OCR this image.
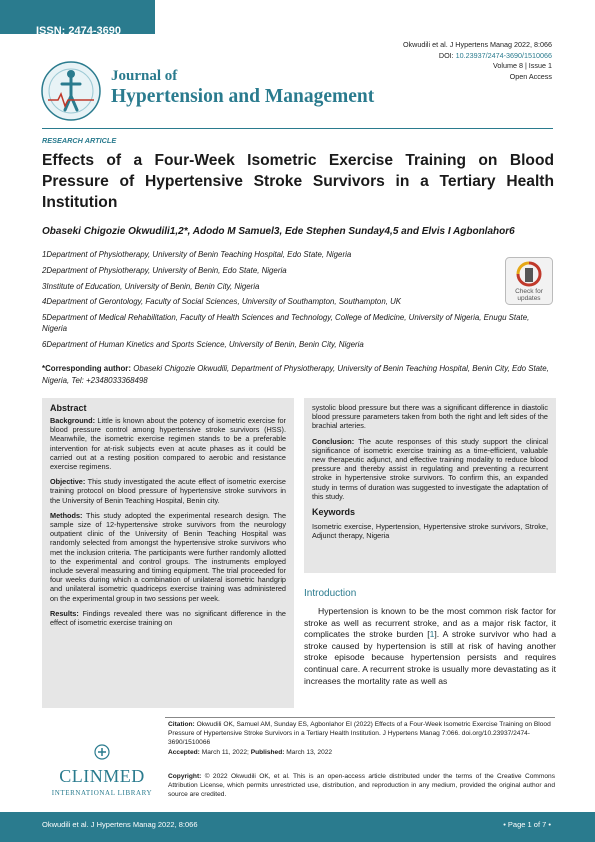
ISSN: 2474-3690
Okwudili et al. J Hypertens Manag 2022, 8:066
DOI: 10.23937/2474-3690/1510066
Volume 8 | Issue 1
Open Access
Journal of
Hypertension and Management
RESEARCH ARTICLE
Effects of a Four-Week Isometric Exercise Training on Blood Pressure of Hypertensive Stroke Survivors in a Tertiary Health Institution
Obaseki Chigozie Okwudili1,2*, Adodo M Samuel3, Ede Stephen Sunday4,5 and Elvis I Agbonlahor6

1Department of Physiotherapy, University of Benin Teaching Hospital, Edo State, Nigeria

2Department of Physiotherapy, University of Benin, Edo State, Nigeria

3Institute of Education, University of Benin, Benin City, Nigeria

4Department of Gerontology, Faculty of Social Sciences, University of Southampton, Southampton, UK

5Department of Medical Rehabilitation, Faculty of Health Sciences and Technology, College of Medicine, University of Nigeria, Enugu State, Nigeria

6Department of Human Kinetics and Sports Science, University of Benin, Benin City, Nigeria

Check for
updates
*Corresponding author: Obaseki Chigozie Okwudili, Department of Physiotherapy, University of Benin Teaching Hospital, Benin City, Edo State, Nigeria, Tel: +2348033368498
Abstract

Background: Little is known about the potency of isometric exercise for blood pressure control among hypertensive stroke survivors (HSS). Meanwhile, the isometric exercise regimen stands to be a preferable intervention for at-risk subjects even at acute phases as it could be carried out at a resting position compared to aerobic and resistance exercise regimens.

Objective: This study investigated the acute effect of isometric exercise training protocol on blood pressure of hypertensive stroke survivors in the University of Benin Teaching Hospital, Benin city.

Methods: This study adopted the experimental research design. The sample size of 12-hypertensive stroke survivors from the neurology outpatient clinic of the University of Benin Teaching Hospital was randomly selected from amongst the hypertensive stroke survivors who met the inclusion criteria. The participants were further randomly allotted to the experimental and control groups. The instruments employed include several measuring and timing equipment. The trial proceeded for four weeks during which a combination of unilateral isometric handgrip and unilateral isometric quadriceps exercise training was administered on the experimental group in two sessions per week.

Results: Findings revealed there was no significant difference in the effect of isometric exercise training on

systolic blood pressure but there was a significant difference in diastolic blood pressure parameters taken from both the right and left sides of the brachial arteries.

Conclusion: The acute responses of this study support the clinical significance of isometric exercise training as a time-efficient, valuable new therapeutic adjunct, and effective training modality to reduce blood pressure and thereby assist in regulating and preventing a recurrent stroke in hypertensive stroke survivors. To confirm this, an expanded study in terms of duration was suggested to investigate the adaptation of this study.

Keywords

Isometric exercise, Hypertension, Hypertensive stroke survivors, Stroke, Adjunct therapy, Nigeria

Introduction

Hypertension is known to be the most common risk factor for stroke as well as recurrent stroke, and as a major risk factor, it complicates the stroke burden [1]. A stroke survivor who had a stroke caused by hypertension is still at risk of having another stroke episode because hypertension persists and requires continual care. A recurrent stroke is usually more devastating as it increases the mortality rate as well as

Citation: Okwudili OK, Samuel AM, Sunday ES, Agbonlahor EI (2022) Effects of a Four-Week Isometric Exercise Training on Blood Pressure of Hypertensive Stroke Survivors in a Tertiary Health Institution. J Hypertens Manag 7:066. doi.org/10.23937/2474-3690/1510066
Accepted: March 11, 2022; Published: March 13, 2022
Copyright: © 2022 Okwudili OK, et al. This is an open-access article distributed under the terms of the Creative Commons Attribution License, which permits unrestricted use, distribution, and reproduction in any medium, provided the original author and source are credited.
CLINMED
INTERNATIONAL LIBRARY
Okwudili et al. J Hypertens Manag 2022, 8:066	• Page 1 of 7 •
